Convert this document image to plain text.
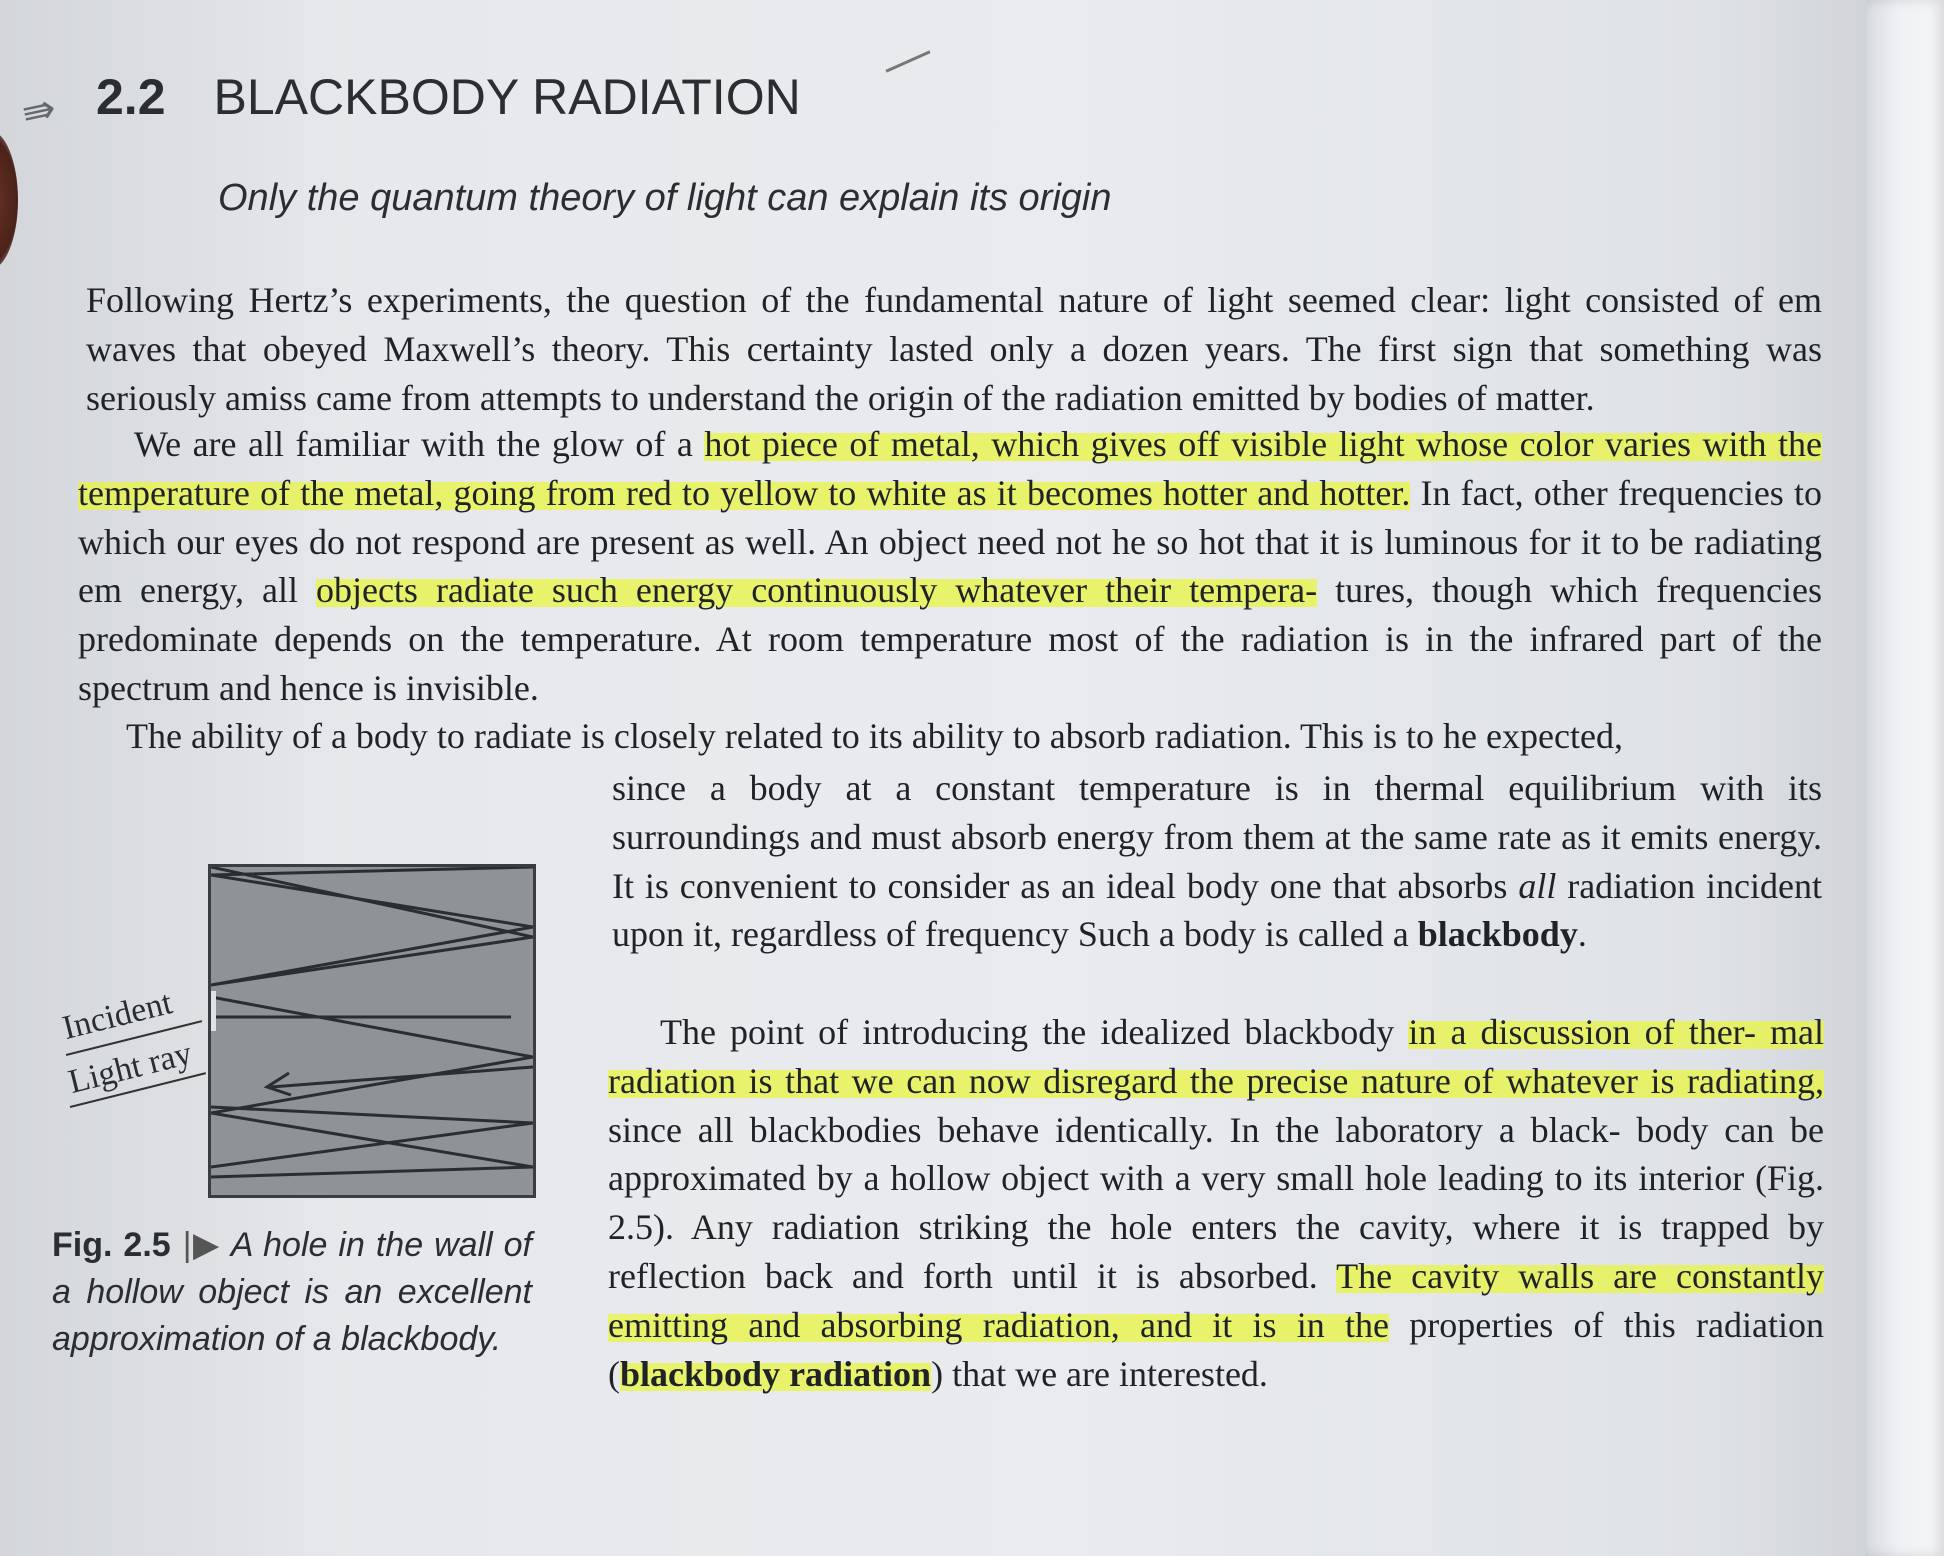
⇛ 2.2 BLACKBODY RADIATION
Only the quantum theory of light can explain its origin

Following Hertz’s experiments, the question of the fundamental nature of light seemed clear: light consisted of em waves that obeyed Maxwell’s theory. This certainty lasted only a dozen years. The first sign that something was seriously amiss came from attempts to understand the origin of the radiation emitted by bodies of matter.

We are all familiar with the glow of a hot piece of metal, which gives off visible light whose color varies with the temperature of the metal, going from red to yellow to white as it becomes hotter and hotter. In fact, other frequencies to which our eyes do not respond are present as well. An object need not he so hot that it is luminous for it to be radiating em energy, all objects radiate such energy continuously whatever their tempera- tures, though which frequencies predominate depends on the temperature. At room temperature most of the radiation is in the infrared part of the spectrum and hence is invisible.

The ability of a body to radiate is closely related to its ability to absorb radiation. This is to he expected,

since a body at a constant temperature is in thermal equilibrium with its surroundings and must absorb energy from them at the same rate as it emits energy. It is convenient to consider as an ideal body one that absorbs all radiation incident upon it, regardless of frequency Such a body is called a blackbody.

The point of introducing the idealized blackbody in a discussion of ther- mal radiation is that we can now disregard the precise nature of whatever is radiating, since all blackbodies behave identically. In the laboratory a black- body can be approximated by a hollow object with a very small hole leading to its interior (Fig. 2.5). Any radiation striking the hole enters the cavity, where it is trapped by reflection back and forth until it is absorbed. The cavity walls are constantly emitting and absorbing radiation, and it is in the properties of this radiation (blackbody radiation) that we are interested.

Incident
Light ray

Fig. 2.5 |▶ A hole in the wall of a hollow object is an excellent approximation of a blackbody.
